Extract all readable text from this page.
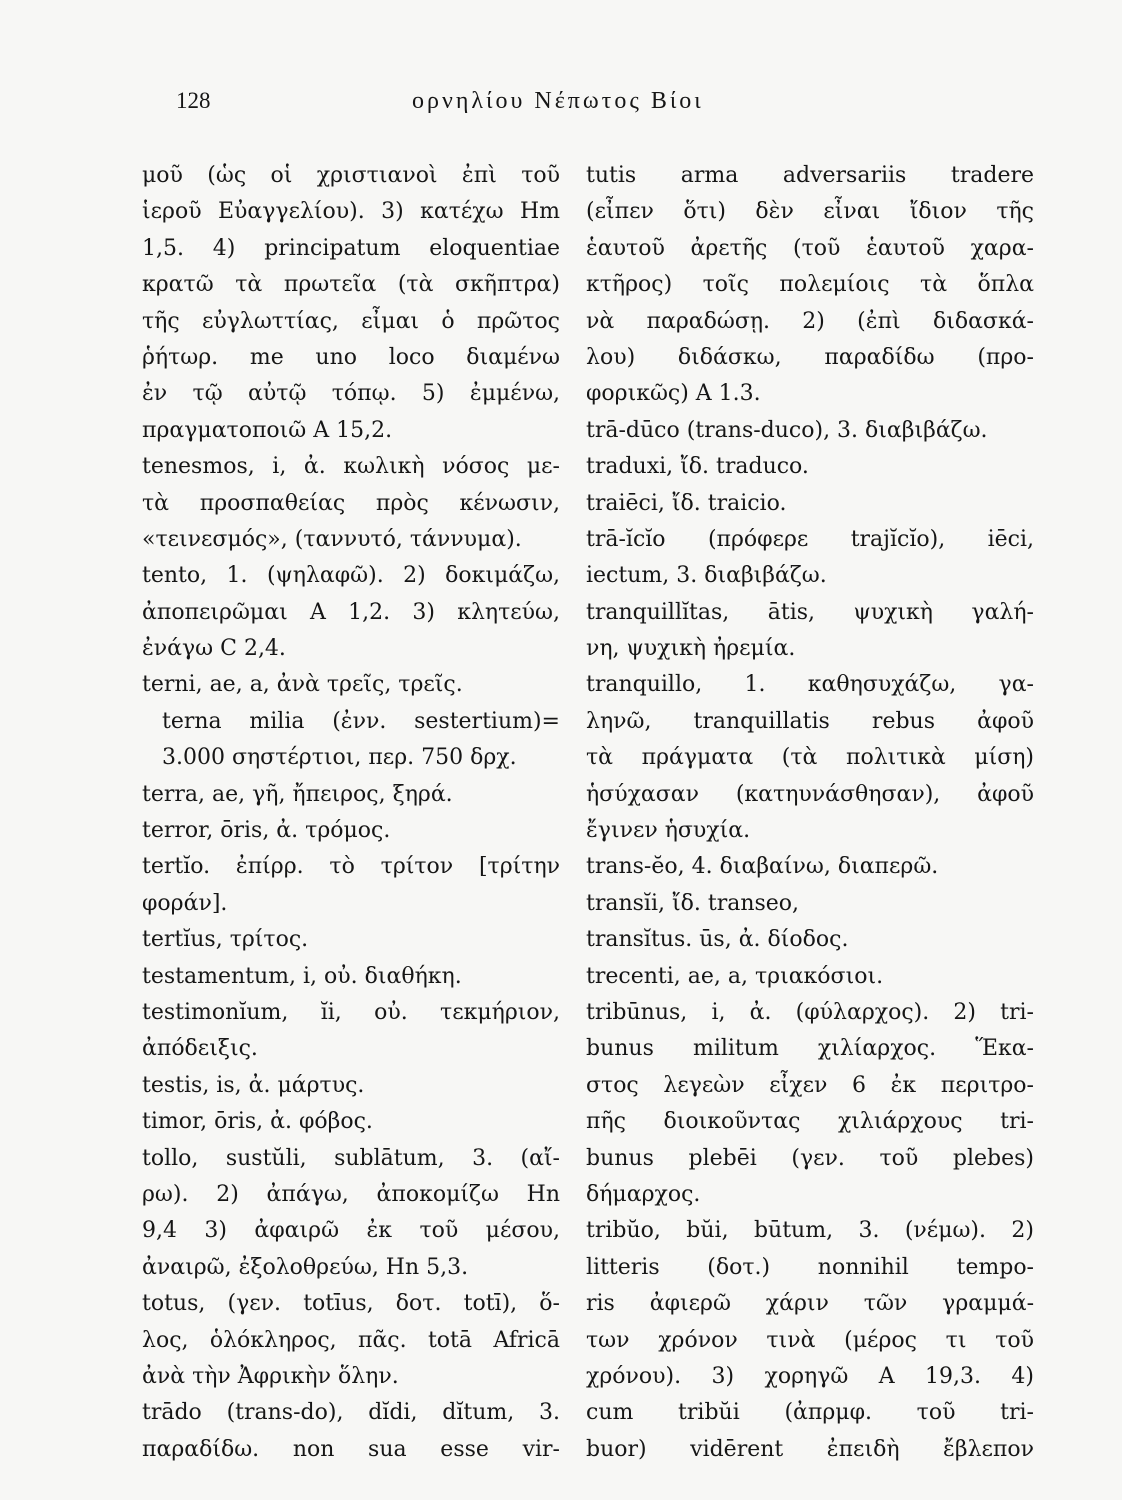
128	ορνηλίου Νέπωτος Βίοι
μοῦ (ὡς οἱ χριστιανοὶ ἐπὶ τοῦ
ἱεροῦ Εὐαγγελίου). 3) κατέχω Hm
1,5. 4) principatum eloquentiae
κρατῶ τὰ πρωτεῖα (τὰ σκῆπτρα)
τῆς εὐγλωττίας, εἶμαι ὁ πρῶτος
ῥήτωρ. me uno loco διαμένω
ἐν τῷ αὐτῷ τόπῳ. 5) ἐμμένω,
πραγματοποιῶ A 15,2.
tenesmos, i, ἀ. κωλικὴ νόσος με-
τὰ προσπαθείας πρὸς κένωσιν,
«τεινεσμός», (ταννυτό, τάννυμα).
tento, 1. (ψηλαφῶ). 2) δοκιμάζω,
ἀποπειρῶμαι A 1,2. 3) κλητεύω,
ἐνάγω C 2,4.
terni, ae, a, ἀνὰ τρεῖς, τρεῖς.
terna milia (ἐνν. sestertium)=
3.000 σηστέρτιοι, περ. 750 δρχ.
terra, ae, γῆ, ἤπειρος, ξηρά.
terror, ōris, ἀ. τρόμος.
tertĭo. ἐπίρρ. τὸ τρίτον [τρίτην
φοράν].
tertĭus, τρίτος.
testamentum, i, οὐ. διαθήκη.
testimonĭum, ĭi, οὐ. τεκμήριον,
ἀπόδειξις.
testis, is, ἀ. μάρτυς.
timor, ōris, ἀ. φόβος.
tollo, sustŭli, sublātum, 3. (αἴ-
ρω). 2) ἀπάγω, ἀποκομίζω Hn
9,4 3) ἀφαιρῶ ἐκ τοῦ μέσου,
ἀναιρῶ, ἐξολοθρεύω, Hn 5,3.
totus, (γεν. totīus, δοτ. totī), ὅ-
λος, ὁλόκληρος, πᾶς. totā Africā
ἀνὰ τὴν Ἀφρικὴν ὅλην.
trādo (trans-do), dĭdi, dĭtum, 3.
παραδίδω. non sua esse vir-
tutis arma adversariis tradere
(εἶπεν ὅτι) δὲν εἶναι ἴδιον τῆς
ἑαυτοῦ ἀρετῆς (τοῦ ἑαυτοῦ χαρα-
κτῆρος) τοῖς πολεμίοις τὰ ὅπλα
νὰ παραδώσῃ. 2) (ἐπὶ διδασκά-
λου) διδάσκω, παραδίδω (προ-
φορικῶς) A 1.3.
trā-dūco (trans-duco), 3. διαβιβάζω.
traduxi, ἴδ. traduco.
traiēci, ἴδ. traicio.
trā-ĭcĭo (πρόφερε trajĭcĭo), iēci,
iectum, 3. διαβιβάζω.
tranquillĭtas, ātis, ψυχικὴ γαλή-
νη, ψυχικὴ ἠρεμία.
tranquillo, 1. καθησυχάζω, γα-
ληνῶ, tranquillatis rebus ἀφοῦ
τὰ πράγματα (τὰ πολιτικὰ μίση)
ἡσύχασαν (κατηυνάσθησαν), ἀφοῦ
ἔγινεν ἡσυχία.
trans-ĕo, 4. διαβαίνω, διαπερῶ.
transĭi, ἴδ. transeo,
transĭtus. ūs, ἀ. δίοδος.
trecenti, ae, a, τριακόσιοι.
tribūnus, i, ἀ. (φύλαρχος). 2) tri-
bunus militum χιλίαρχος. Ἕκα-
στος λεγεὼν εἶχεν 6 ἐκ περιτρο-
πῆς διοικοῦντας χιλιάρχους tri-
bunus plebēi (γεν. τοῦ plebes)
δήμαρχος.
tribŭo, bŭi, būtum, 3. (νέμω). 2)
litteris (δοτ.) nonnihil tempo-
ris ἀφιερῶ χάριν τῶν γραμμά-
των χρόνον τινὰ (μέρος τι τοῦ
χρόνου). 3) χορηγῶ A 19,3. 4)
cum tribŭi (ἀπρμφ. τοῦ tri-
buor) vidērent ἐπειδὴ ἔβλεπον
